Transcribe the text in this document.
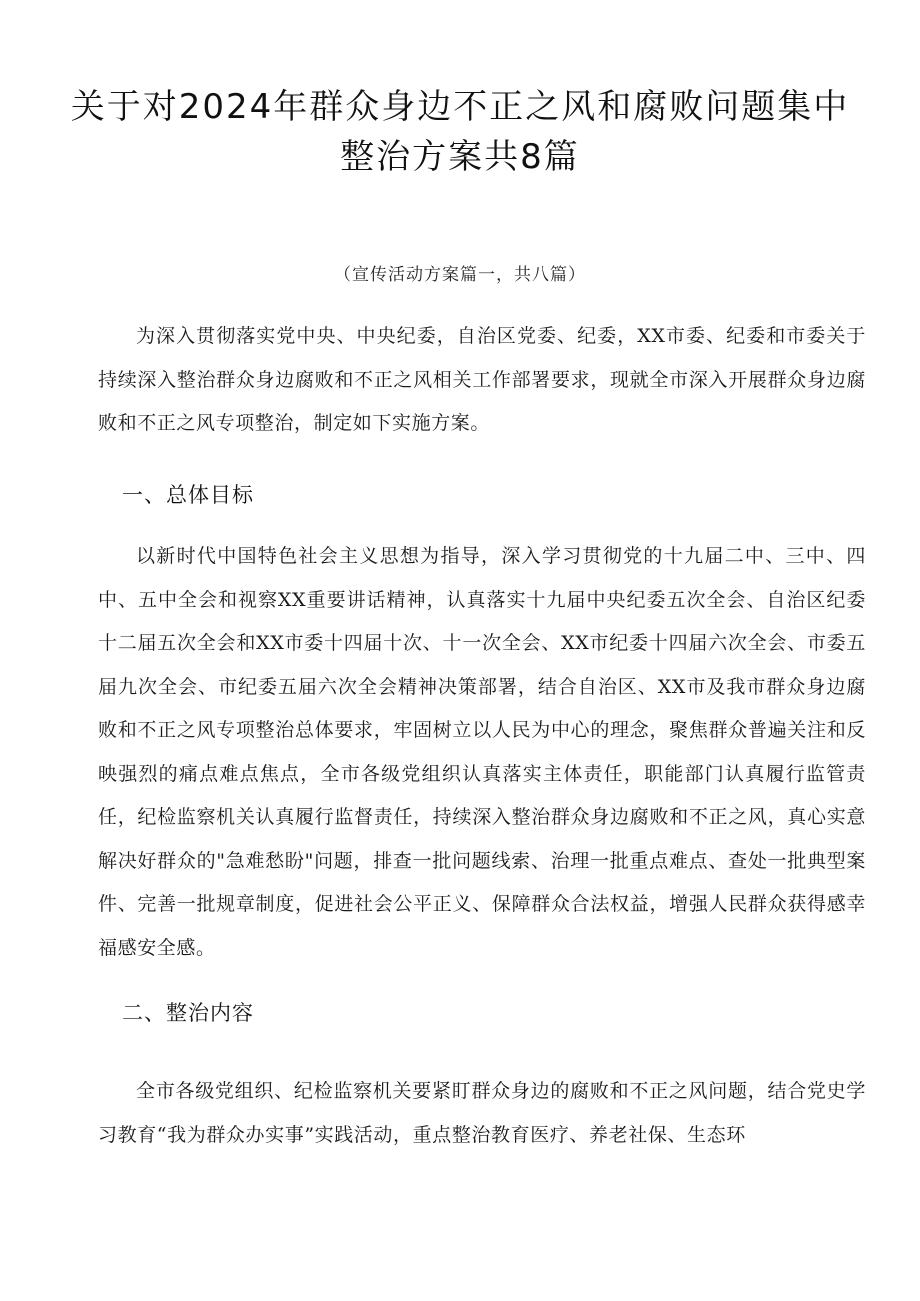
关于对2024年群众身边不正之风和腐败问题集中整治方案共8篇
（宣传活动方案篇一，共八篇）

为深入贯彻落实党中央、中央纪委，自治区党委、纪委，XX市委、纪委和市委关于持续深入整治群众身边腐败和不正之风相关工作部署要求，现就全市深入开展群众身边腐败和不正之风专项整治，制定如下实施方案。

一、总体目标

以新时代中国特色社会主义思想为指导，深入学习贯彻党的十九届二中、三中、四中、五中全会和视察XX重要讲话精神，认真落实十九届中央纪委五次全会、自治区纪委十二届五次全会和XX市委十四届十次、十一次全会、XX市纪委十四届六次全会、市委五届九次全会、市纪委五届六次全会精神决策部署，结合自治区、XX市及我市群众身边腐败和不正之风专项整治总体要求，牢固树立以人民为中心的理念，聚焦群众普遍关注和反映强烈的痛点难点焦点，全市各级党组织认真落实主体责任，职能部门认真履行监管责任，纪检监察机关认真履行监督责任，持续深入整治群众身边腐败和不正之风，真心实意解决好群众的"急难愁盼"问题，排查一批问题线索、治理一批重点难点、查处一批典型案件、完善一批规章制度，促进社会公平正义、保障群众合法权益，增强人民群众获得感幸福感安全感。

二、整治内容

全市各级党组织、纪检监察机关要紧盯群众身边的腐败和不正之风问题，结合党史学习教育“我为群众办实事”实践活动，重点整治教育医疗、养老社保、生态环
